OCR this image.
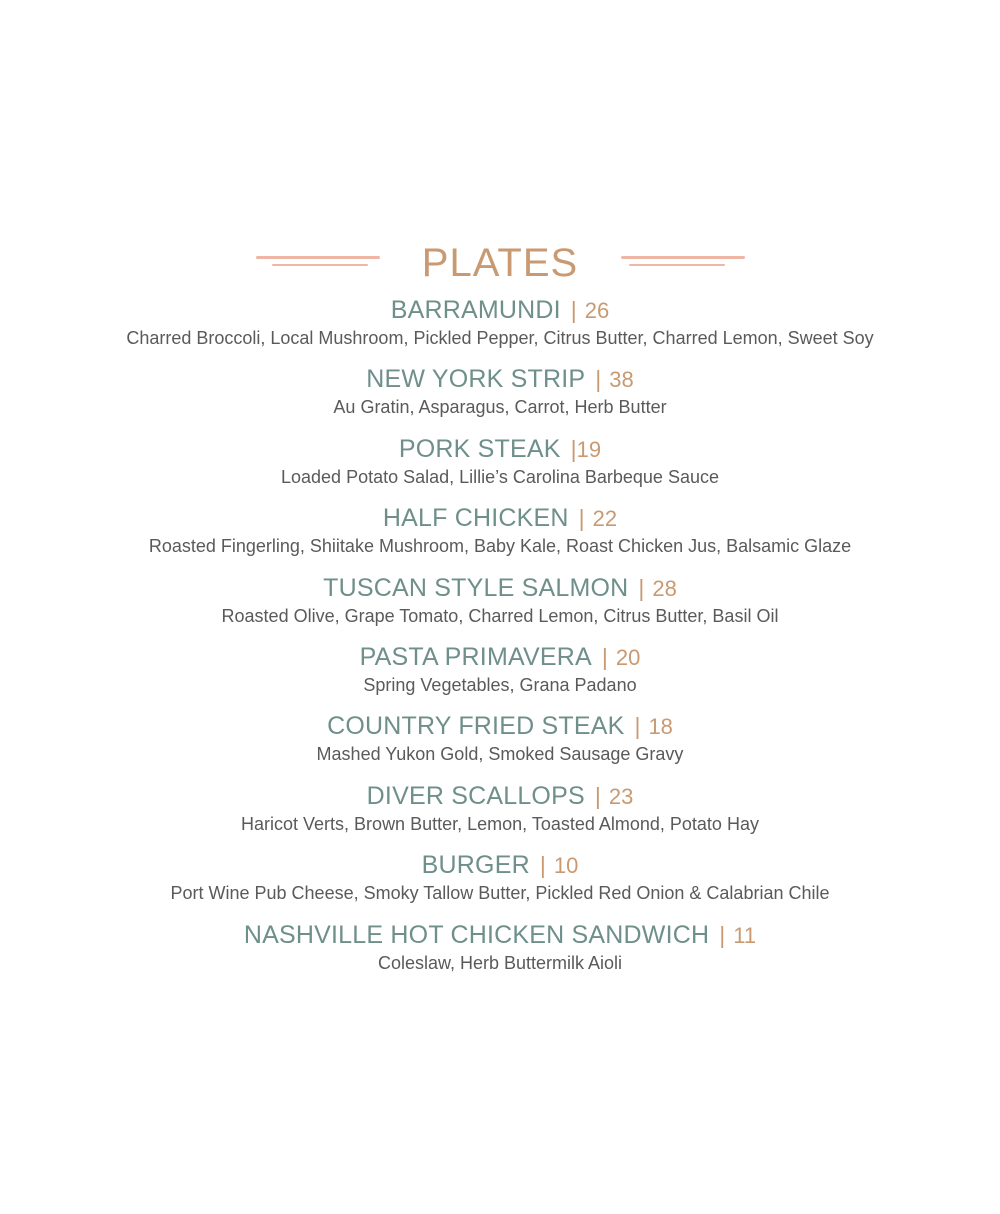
PLATES
BARRAMUNDI | 26
Charred Broccoli, Local Mushroom, Pickled Pepper, Citrus Butter, Charred Lemon, Sweet Soy
NEW YORK STRIP | 38
Au Gratin, Asparagus, Carrot, Herb Butter
PORK STEAK |19
Loaded Potato Salad, Lillie’s Carolina Barbeque Sauce
HALF CHICKEN | 22
Roasted Fingerling, Shiitake Mushroom, Baby Kale, Roast Chicken Jus, Balsamic Glaze
TUSCAN STYLE SALMON | 28
Roasted Olive, Grape Tomato, Charred Lemon, Citrus Butter, Basil Oil
PASTA PRIMAVERA | 20
Spring Vegetables, Grana Padano
COUNTRY FRIED STEAK | 18
Mashed Yukon Gold, Smoked Sausage Gravy
DIVER SCALLOPS | 23
Haricot Verts, Brown Butter, Lemon, Toasted Almond, Potato Hay
BURGER | 10
Port Wine Pub Cheese, Smoky Tallow Butter, Pickled Red Onion & Calabrian Chile
NASHVILLE HOT CHICKEN SANDWICH | 11
Coleslaw, Herb Buttermilk Aioli
